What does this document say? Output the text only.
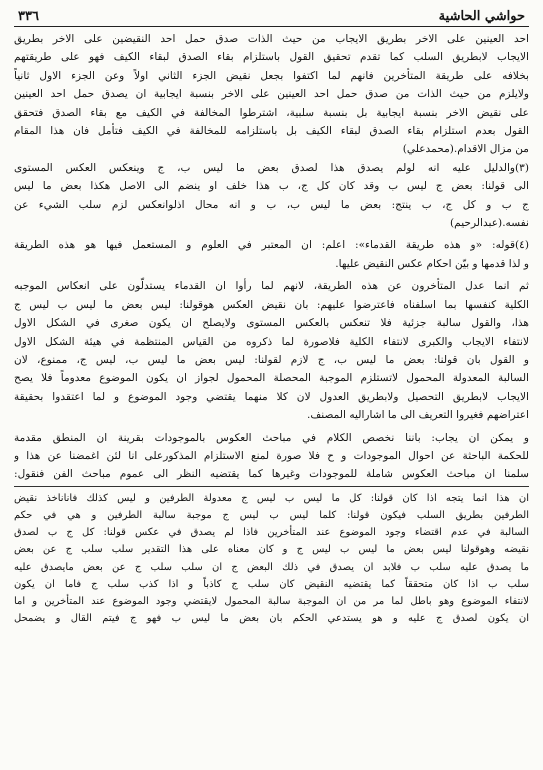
حواشي الحاشية
٣٣٦
احد العينين على الاخر بطريق الايجاب من حيث الذات صدق حمل احد النقيضين على الاخر بطريق
الايجاب لابطريق السلب كما تقدم تحقيق القول باستلزام بقاء الصدق لبقاء الكيف فهو على طريقتهم
بخلافه على طريقة المتأخرين فانهم لما اكتفوا بجعل نقيض الجزء الثاني اولاً وعن الجزء الاول ثانياً
ولايلزم من حيث الذات من صدق حمل احد العينين على الاخر بنسبة ايجابية ان يصدق حمل احد العينين
على نقيض الاخر بنسبة ايجابية بل بنسبة سلبية، اشترطوا المخالفة في الكيف مع بقاء الصدق فتحقق
القول بعدم استلزام بقاء الصدق لبقاء الكيف بل باستلزامه للمخالفة في الكيف فتأمل فان هذا المقام
من مزال الاقدام.(محمدعلي)
(٣)والدليل عليه انه لولم يصدق هذا لصدق بعض ما ليس ب، ج وينعكس العكس المستوى
الى قولنا: بعض ج ليس ب وقد كان كل ج، ب هذا خلف او ينضم الى الاصل هكذا بعض ما ليس
ج ب و كل ج، ب ينتج: بعض ما ليس ب، ب و انه محال اذلوانعكس لزم سلب الشيء عن
نفسه.(عبدالرحيم)
(٤)قوله: «و هذه طريقة القدماء»: اعلم: ان المعتبر في العلوم و المستعمل فيها هو هذه الطريقة
و لذا قدمها و بيّن احكام عكس النقيض عليها.
ثم انما عدل المتأخرون عن هذه الطريقة، لانهم لما رأوا ان القدماء يستدلّون على انعكاس الموجبه
الكلية كنفسها بما اسلفناه فاعترضوا عليهم: بان نقيض العكس هوقولنا: ليس بعض ما ليس ب ليس ج
هذا، والقول سالبة جزئية فلا تنعكس بالعكس المستوى ولايصلح ان يكون صغرى في الشكل الاول
لانتفاء الايجاب والكبرى لانتفاء الكلية فلاصورة لما ذكروه من القياس المنتظمة في هيئة الشكل الاول
و القول بان قولنا: بعض ما ليس ب، ج لازم لقولنا: ليس بعض ما ليس ب، ليس ج، ممنوع، لان
السالبة المعدولة المحمول لاتستلزم الموجبة المحصلة المحمول لجواز ان يكون الموضوع معدوماً فلا يصح
الايجاب لابطريق التحصيل ولابطريق العدول لان كلا منهما يقتضي وجود الموضوع و لما اعتقدوا بحقيقة
اعتراضهم فغيروا التعريف الى ما اشاراليه المصنف.
و يمكن ان يجاب: باننا نخصص الكلام في مباحث العكوس بالموجودات بقرينة ان المنطق مقدمة
للحكمة الباحثة عن احوال الموجودات و ح فلا صورة لمنع الاستلزام المذكورعلى انا لئن اغمضنا عن هذا و
سلمنا ان مباحث العكوس شاملة للموجودات وغيرها كما يقتضيه النظر الى عموم مباحث الفن فنقول:
ان هذا انما يتجه اذا كان قولنا: كل ما ليس ب ليس ج معدولة الطرفين و ليس كذلك فاناناخذ نقيض
الطرفين بطريق السلب فيكون قولنا: كلما ليس ب ليس ج موجبة سالبة الطرفين و هي في حكم
السالبة في عدم اقتضاء وجود الموضوع عند المتأخرين فاذا لم يصدق في عكس قولنا: كل ج ب لصدق
نقيضه وهوقولنا ليس بعض ما ليس ب ليس ج و كان معناه على هذا التقدير سلب سلب ج عن بعض
ما يصدق عليه سلب ب فلابد ان يصدق في ذلك البعض ج ان سلب سلب ج عن بعض مايصدق عليه
سلب ب اذا كان متحققاً كما يقتضيه النقيض كان سلب ج كاذباً و اذا كذب سلب ج فاما ان يكون
لانتفاء الموضوع وهو باطل لما مر من ان الموجبة سالبة المحمول لايقتضي وجود الموضوع عند المتأخرين و اما
ان يكون لصدق ج عليه و هو يستدعي الحكم بان بعض ما ليس ب فهو ج فيتم القال و يضمحل
